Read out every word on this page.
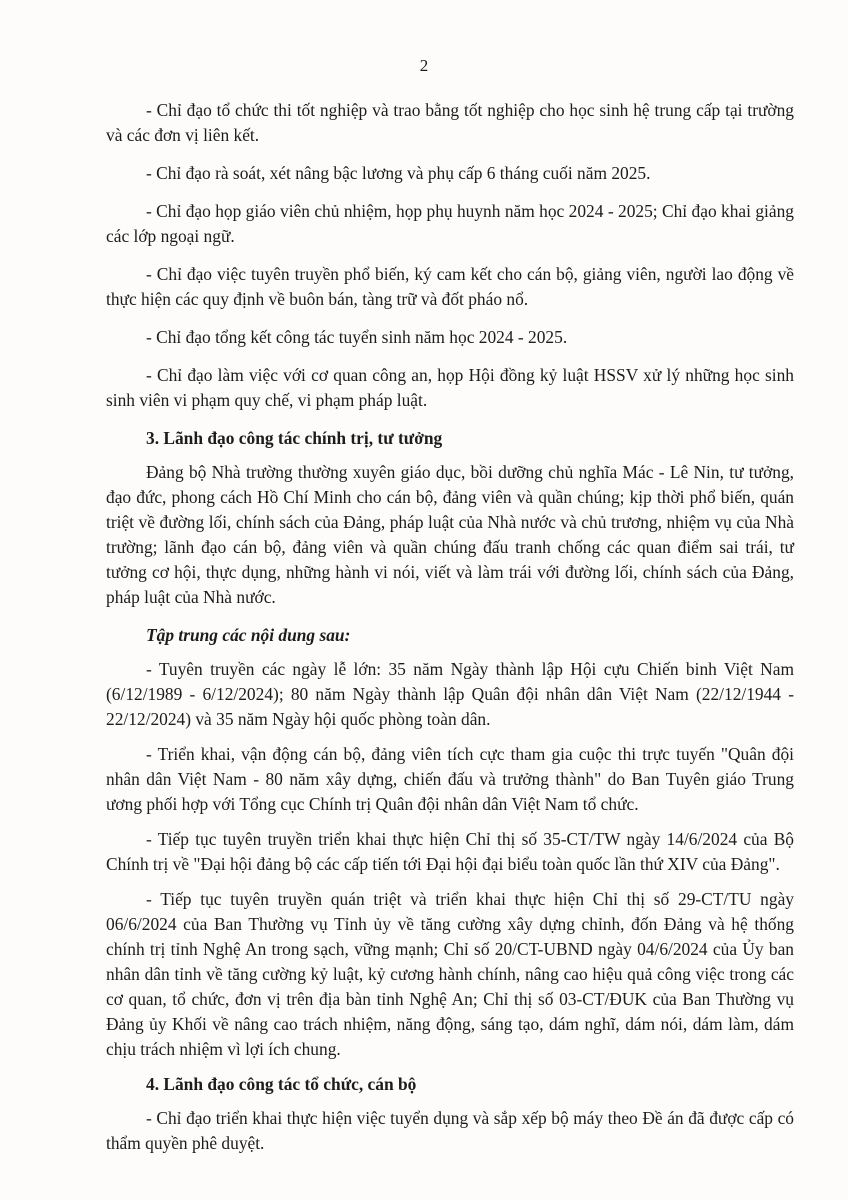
2

- Chỉ đạo tổ chức thi tốt nghiệp và trao bằng tốt nghiệp cho học sinh hệ trung cấp tại trường và các đơn vị liên kết.

- Chỉ đạo rà soát, xét nâng bậc lương và phụ cấp 6 tháng cuối năm 2025.

- Chỉ đạo họp giáo viên chủ nhiệm, họp phụ huynh năm học 2024 - 2025; Chỉ đạo khai giảng các lớp ngoại ngữ.

- Chỉ đạo việc tuyên truyền phổ biến, ký cam kết cho cán bộ, giảng viên, người lao động về thực hiện các quy định về buôn bán, tàng trữ và đốt pháo nổ.

- Chỉ đạo tổng kết công tác tuyển sinh năm học 2024 - 2025.

- Chỉ đạo làm việc với cơ quan công an, họp Hội đồng kỷ luật HSSV xử lý những học sinh sinh viên vi phạm quy chế, vi phạm pháp luật.

3. Lãnh đạo công tác chính trị, tư tưởng

Đảng bộ Nhà trường thường xuyên giáo dục, bồi dưỡng chủ nghĩa Mác - Lê Nin, tư tưởng, đạo đức, phong cách Hồ Chí Minh cho cán bộ, đảng viên và quần chúng; kịp thời phổ biến, quán triệt về đường lối, chính sách của Đảng, pháp luật của Nhà nước và chủ trương, nhiệm vụ của Nhà trường; lãnh đạo cán bộ, đảng viên và quần chúng đấu tranh chống các quan điểm sai trái, tư tưởng cơ hội, thực dụng, những hành vi nói, viết và làm trái với đường lối, chính sách của Đảng, pháp luật của Nhà nước.

Tập trung các nội dung sau:

- Tuyên truyền các ngày lễ lớn: 35 năm Ngày thành lập Hội cựu Chiến binh Việt Nam (6/12/1989 - 6/12/2024); 80 năm Ngày thành lập Quân đội nhân dân Việt Nam (22/12/1944 - 22/12/2024) và 35 năm Ngày hội quốc phòng toàn dân.

- Triển khai, vận động cán bộ, đảng viên tích cực tham gia cuộc thi trực tuyến "Quân đội nhân dân Việt Nam - 80 năm xây dựng, chiến đấu và trưởng thành" do Ban Tuyên giáo Trung ương phối hợp với Tổng cục Chính trị Quân đội nhân dân Việt Nam tổ chức.

- Tiếp tục tuyên truyền triển khai thực hiện Chỉ thị số 35-CT/TW ngày 14/6/2024 của Bộ Chính trị về "Đại hội đảng bộ các cấp tiến tới Đại hội đại biểu toàn quốc lần thứ XIV của Đảng".

- Tiếp tục tuyên truyền quán triệt và triển khai thực hiện Chỉ thị số 29-CT/TU ngày 06/6/2024 của Ban Thường vụ Tỉnh ủy về tăng cường xây dựng chỉnh, đốn Đảng và hệ thống chính trị tỉnh Nghệ An trong sạch, vững mạnh; Chỉ số 20/CT-UBND ngày 04/6/2024 của Ủy ban nhân dân tỉnh về tăng cường kỷ luật, kỷ cương hành chính, nâng cao hiệu quả công việc trong các cơ quan, tổ chức, đơn vị trên địa bàn tỉnh Nghệ An; Chỉ thị số 03-CT/ĐUK của Ban Thường vụ Đảng ủy Khối về nâng cao trách nhiệm, năng động, sáng tạo, dám nghĩ, dám nói, dám làm, dám chịu trách nhiệm vì lợi ích chung.

4. Lãnh đạo công tác tổ chức, cán bộ

- Chỉ đạo triển khai thực hiện việc tuyển dụng và sắp xếp bộ máy theo Đề án đã được cấp có thẩm quyền phê duyệt.
